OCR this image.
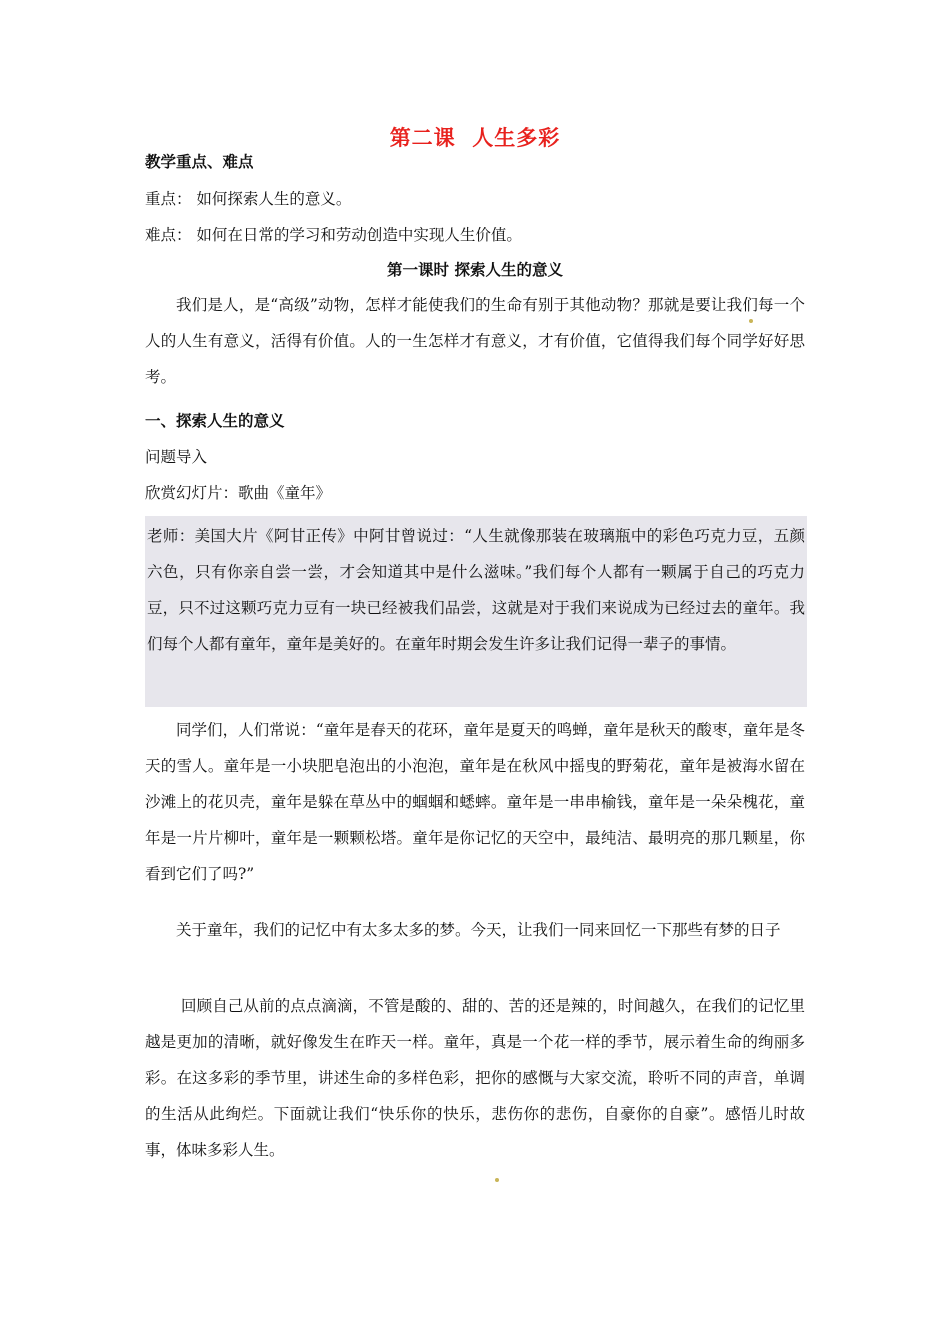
第二课  人生多彩
教学重点、难点
重点： 如何探索人生的意义。
难点： 如何在日常的学习和劳动创造中实现人生价值。
第一课时 探索人生的意义

我们是人，是“高级”动物，怎样才能使我们的生命有别于其他动物？那就是要让我们每一个人的人生有意义，活得有价值。人的一生怎样才有意义，才有价值，它值得我们每个同学好好思考。

一、探索人生的意义
问题导入
欣赏幻灯片：歌曲《童年》

老师：美国大片《阿甘正传》中阿甘曾说过：“人生就像那装在玻璃瓶中的彩色巧克力豆，五颜六色，只有你亲自尝一尝，才会知道其中是什么滋味。”我们每个人都有一颗属于自己的巧克力豆，只不过这颗巧克力豆有一块已经被我们品尝，这就是对于我们来说成为已经过去的童年。我们每个人都有童年，童年是美好的。在童年时期会发生许多让我们记得一辈子的事情。

同学们，人们常说：“童年是春天的花环，童年是夏天的鸣蝉，童年是秋天的酸枣，童年是冬天的雪人。童年是一小块肥皂泡出的小泡泡，童年是在秋风中摇曳的野菊花，童年是被海水留在沙滩上的花贝壳，童年是躲在草丛中的蝈蝈和蟋蟀。童年是一串串榆钱，童年是一朵朵槐花，童年是一片片柳叶，童年是一颗颗松塔。童年是你记忆的天空中，最纯洁、最明亮的那几颗星，你看到它们了吗?”

关于童年，我们的记忆中有太多太多的梦。今天，让我们一同来回忆一下那些有梦的日子

回顾自己从前的点点滴滴，不管是酸的、甜的、苦的还是辣的，时间越久，在我们的记忆里越是更加的清晰，就好像发生在昨天一样。童年，真是一个花一样的季节，展示着生命的绚丽多彩。在这多彩的季节里，讲述生命的多样色彩，把你的感慨与大家交流，聆听不同的声音，单调的生活从此绚烂。下面就让我们“快乐你的快乐，悲伤你的悲伤，自豪你的自豪”。感悟儿时故事，体味多彩人生。
